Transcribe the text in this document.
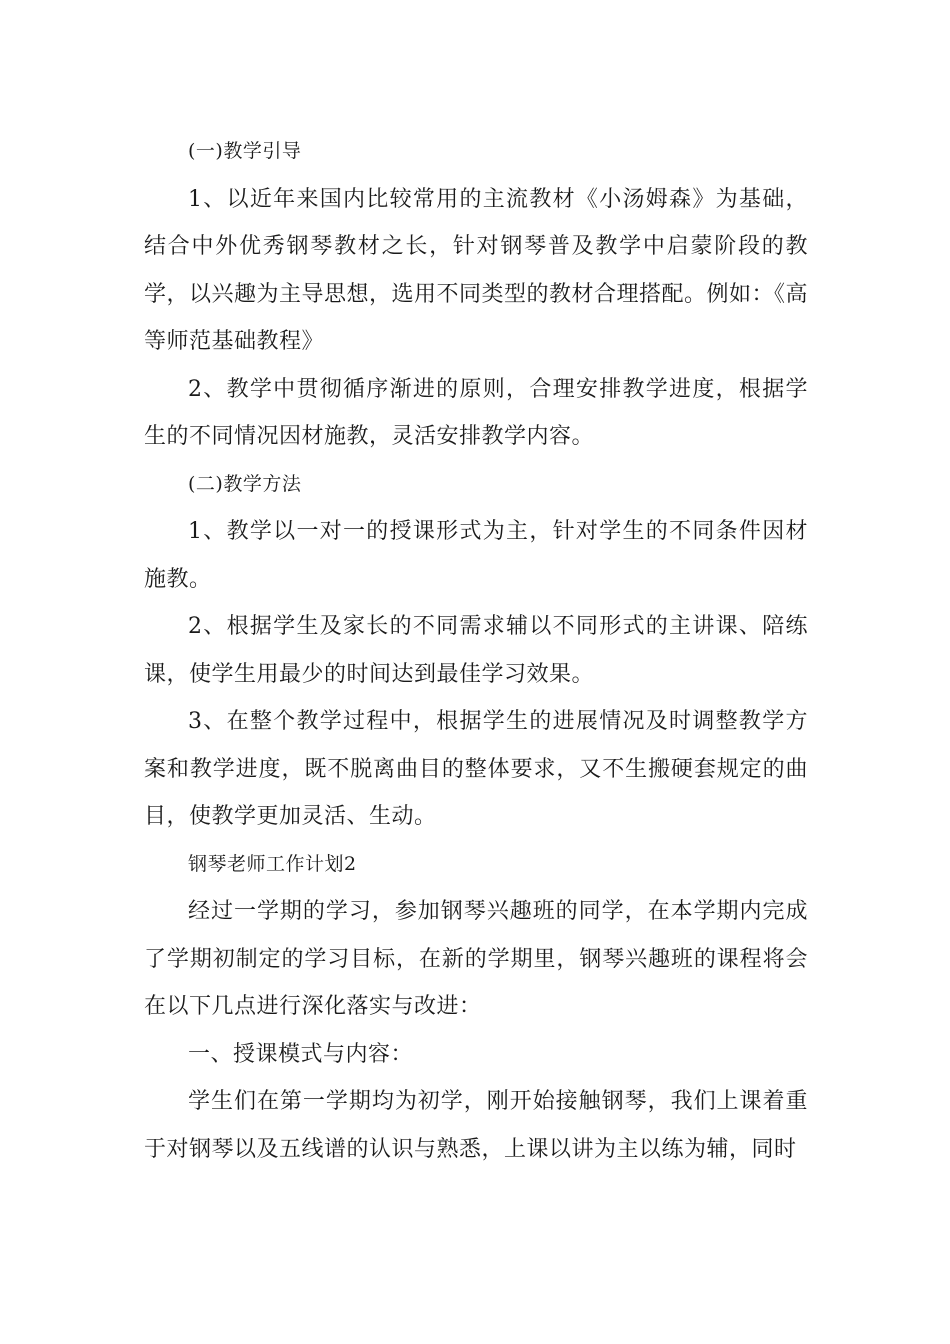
(一)教学引导

1、以近年来国内比较常用的主流教材《小汤姆森》为基础，结合中外优秀钢琴教材之长，针对钢琴普及教学中启蒙阶段的教学，以兴趣为主导思想，选用不同类型的教材合理搭配。例如：《高等师范基础教程》

2、教学中贯彻循序渐进的原则，合理安排教学进度，根据学生的不同情况因材施教，灵活安排教学内容。

(二)教学方法

1、教学以一对一的授课形式为主，针对学生的不同条件因材施教。

2、根据学生及家长的不同需求辅以不同形式的主讲课、陪练课，使学生用最少的时间达到最佳学习效果。

3、在整个教学过程中，根据学生的进展情况及时调整教学方案和教学进度，既不脱离曲目的整体要求，又不生搬硬套规定的曲目，使教学更加灵活、生动。

钢琴老师工作计划2

经过一学期的学习，参加钢琴兴趣班的同学，在本学期内完成了学期初制定的学习目标，在新的学期里，钢琴兴趣班的课程将会在以下几点进行深化落实与改进：

一、授课模式与内容：

学生们在第一学期均为初学，刚开始接触钢琴，我们上课着重于对钢琴以及五线谱的认识与熟悉，上课以讲为主以练为辅，同时
